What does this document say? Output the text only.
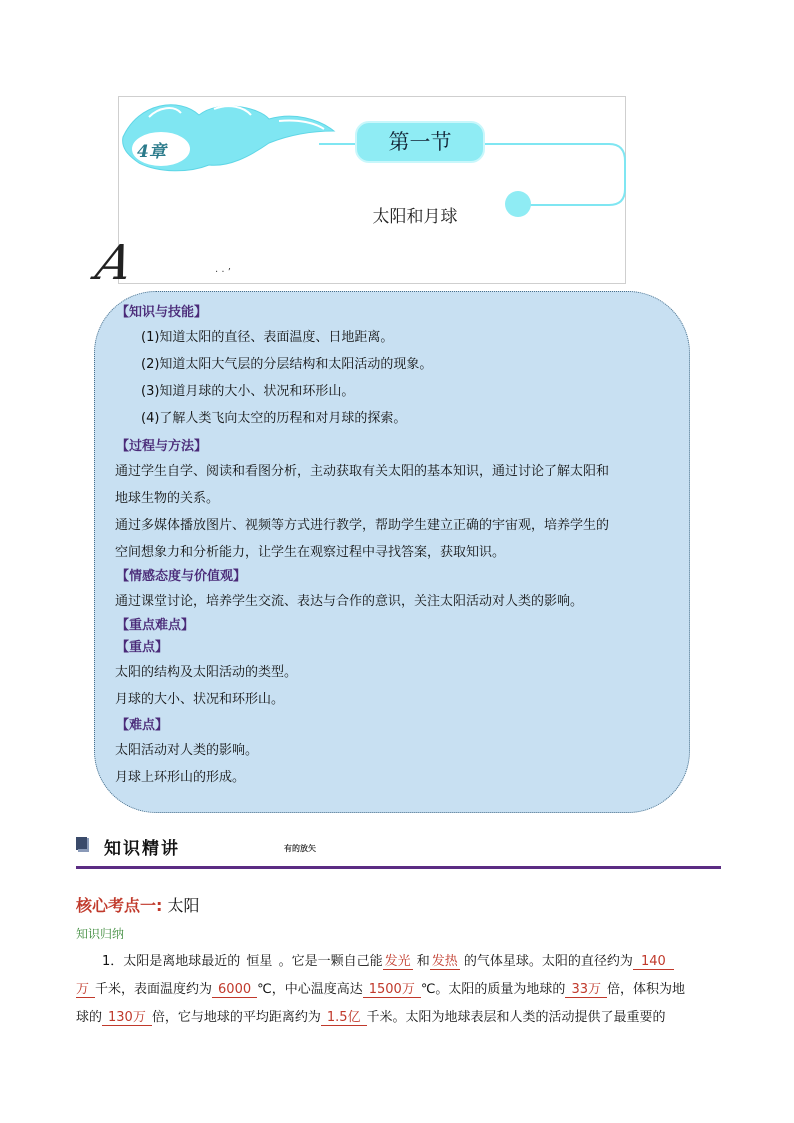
4章	第一节
太阳和月球
A	· · ’
【知识与技能】
(1)知道太阳的直径、表面温度、日地距离。
(2)知道太阳大气层的分层结构和太阳活动的现象。
(3)知道月球的大小、状况和环形山。
(4)了解人类飞向太空的历程和对月球的探索。
【过程与方法】
通过学生自学、阅读和看图分析，主动获取有关太阳的基本知识，通过讨论了解太阳和
地球生物的关系。
通过多媒体播放图片、视频等方式进行教学，帮助学生建立正确的宇宙观，培养学生的
空间想象力和分析能力，让学生在观察过程中寻找答案，获取知识。
【情感态度与价值观】
通过课堂讨论，培养学生交流、表达与合作的意识，关注太阳活动对人类的影响。
【重点难点】
【重点】
太阳的结构及太阳活动的类型。
月球的大小、状况和环形山。
【难点】
太阳活动对人类的影响。
月球上环形山的形成。
知识精讲	有的放矢
核心考点一: 太阳
知识归纳
1．太阳是离地球最近的 恒星 。它是一颗自己能 发光 和 发热 的气体星球。太阳的直径约为 140
万 千米，表面温度约为 6000 ℃，中心温度高达 1500万 ℃。太阳的质量为地球的 33万 倍，体积为地
球的 130万 倍，它与地球的平均距离约为 1.5亿 千米。太阳为地球表层和人类的活动提供了最重要的
